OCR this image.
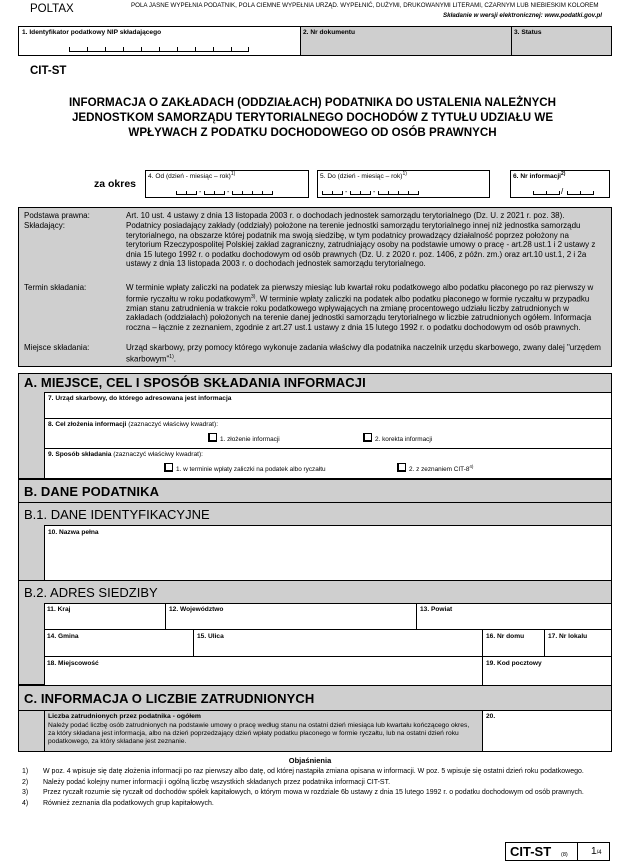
POLTAX	POLA JASNE WYPEŁNIA PODATNIK, POLA CIEMNE WYPEŁNIA URZĄD. WYPEŁNIĆ, DUŻYMI, DRUKOWANYMI LITERAMI, CZARNYM LUB NIEBIESKIM KOLOREM
Składanie w wersji elektronicznej: www.podatki.gov.pl
1. Identyfikator podatkowy NIP składającego	2. Nr dokumentu	3. Status
CIT-ST
INFORMACJA O ZAKŁADACH (ODDZIAŁACH) PODATNIKA DO USTALENIA NALEŻNYCH JEDNOSTKOM SAMORZĄDU TERYTORIALNEGO DOCHODÓW Z TYTUŁU UDZIAŁU WE WPŁYWACH Z PODATKU DOCHODOWEGO OD OSÓB PRAWNYCH
za okres
4. Od (dzień - miesiąc – rok)$^{1)}$
-	-
5. Do (dzień - miesiąc – rok)$^{1)}$
-	-
6. Nr informacji$^{2)}$
/
Podstawa prawna:	Art. 10 ust. 4 ustawy z dnia 13 listopada 2003 r. o dochodach jednostek samorządu terytorialnego (Dz. U. z 2021 r. poz. 38).
Składający:	Podatnicy posiadający zakłady (oddziały) położone na terenie jednostki samorządu terytorialnego innej niż jednostka samorządu terytorialnego, na obszarze której podatnik ma swoją siedzibę, w tym podatnicy prowadzący działalność poprzez położony na terytorium Rzeczypospolitej Polskiej zakład zagraniczny, zatrudniający osoby na podstawie umowy o pracę - art.28 ust.1 i 2 ustawy z dnia 15 lutego 1992 r. o podatku dochodowym od osób prawnych (Dz. U. z 2020 r. poz. 1406, z późn. zm.) oraz art.10 ust.1, 2 i 2a ustawy z dnia 13 listopada 2003 r. o dochodach jednostek samorządu terytorialnego.
Termin składania:	W terminie wpłaty zaliczki na podatek za pierwszy miesiąc lub kwartał roku podatkowego albo podatku płaconego po raz pierwszy w formie ryczałtu w roku podatkowym$^{3)}$. W terminie wpłaty zaliczki na podatek albo podatku płaconego w formie ryczałtu w przypadku zmian stanu zatrudnienia w trakcie roku podatkowego wpływających na zmianę procentowego udziału liczby zatrudnionych w zakładach (oddziałach) położonych na terenie danej jednostki samorządu terytorialnego w liczbie zatrudnionych ogółem. Informacja roczna – łącznie z zeznaniem, zgodnie z art.27 ust.1 ustawy z dnia 15 lutego 1992 r. o podatku dochodowym od osób prawnych.
Miejsce składania:	Urząd skarbowy, przy pomocy którego wykonuje zadania właściwy dla podatnika naczelnik urzędu skarbowego, zwany dalej "urzędem skarbowym"$^{1)}$.
A. MIEJSCE, CEL I SPOSÓB SKŁADANIA INFORMACJI
7. Urząd skarbowy, do którego adresowana jest informacja
8. Cel złożenia informacji (zaznaczyć właściwy kwadrat):
1. złożenie informacji	2. korekta informacji
9. Sposób składania (zaznaczyć właściwy kwadrat):
1. w terminie wpłaty zaliczki na podatek albo ryczałtu	2. z zeznaniem CIT-8$^{4)}$
B. DANE PODATNIKA
B.1. DANE IDENTYFIKACYJNE
10. Nazwa pełna
B.2. ADRES SIEDZIBY
11. Kraj	12. Województwo	13. Powiat
14. Gmina	15. Ulica	16. Nr domu	17. Nr lokalu
18. Miejscowość	19. Kod pocztowy
C. INFORMACJA O LICZBIE ZATRUDNIONYCH
Liczba zatrudnionych przez podatnika - ogółem
Należy podać liczbę osób zatrudnionych na podstawie umowy o pracę według stanu na ostatni dzień miesiąca lub kwartału kończącego okres, za który składana jest informacja, albo na dzień poprzedzający dzień wpłaty podatku płaconego w formie ryczałtu, lub na ostatni dzień roku podatkowego, za który składane jest zeznanie.
20.
Objaśnienia
1)	W poz. 4 wpisuje się datę złożenia informacji po raz pierwszy albo datę, od której nastąpiła zmiana opisana w informacji. W poz. 5 wpisuje się ostatni dzień roku podatkowego.
2)	Należy podać kolejny numer informacji i ogólną liczbę wszystkich składanych przez podatnika informacji CIT-ST.
3)	Przez ryczałt rozumie się ryczałt od dochodów spółek kapitałowych, o którym mowa w rozdziale 6b ustawy z dnia 15 lutego 1992 r. o podatku dochodowym od osób prawnych.
4)	Również zeznania dla podatkowych grup kapitałowych.
CIT-ST (8) 1/4
